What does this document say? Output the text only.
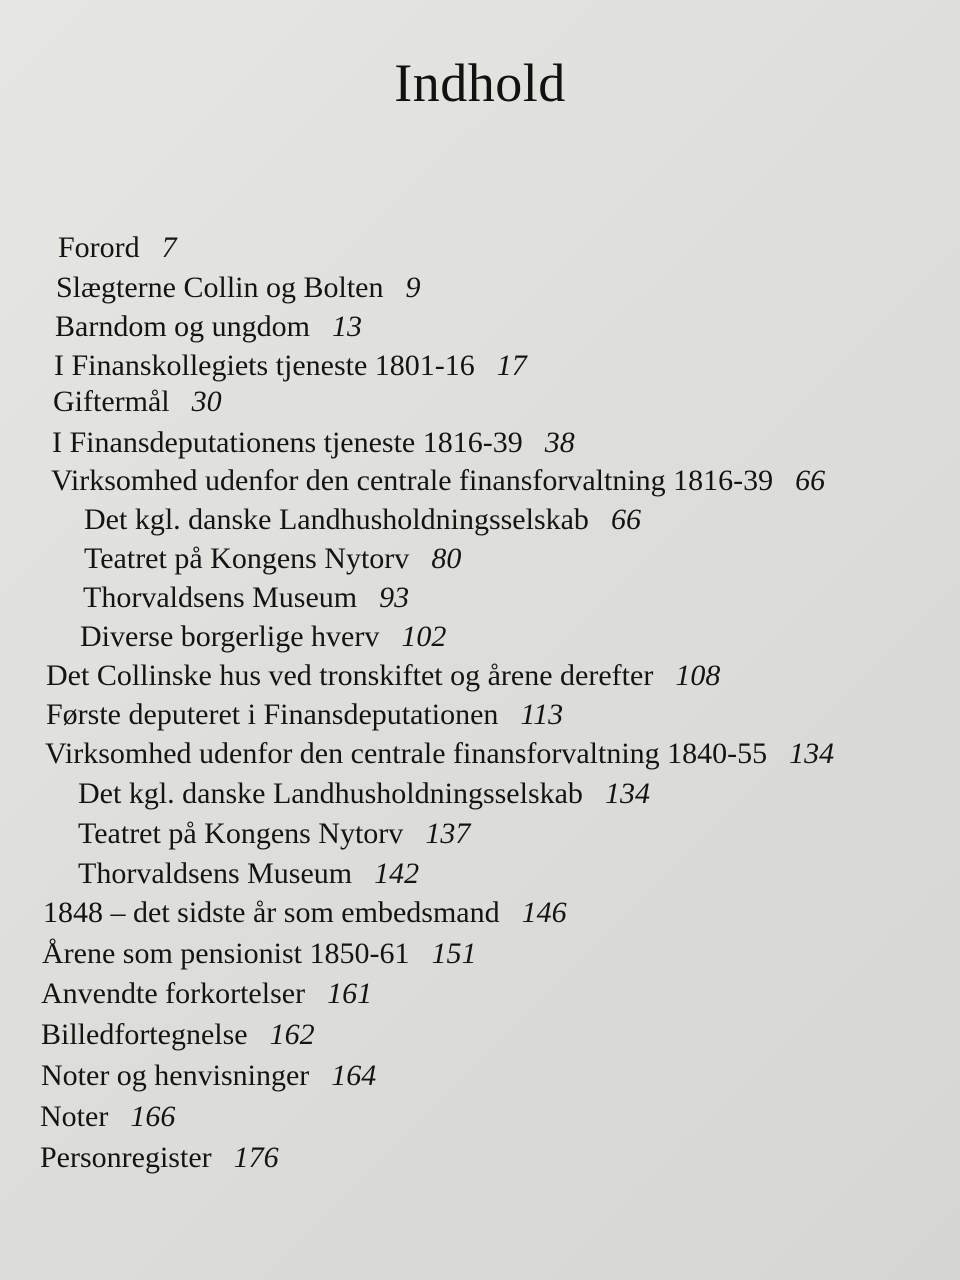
Indhold
Forord 7
Slægterne Collin og Bolten 9
Barndom og ungdom 13
I Finanskollegiets tjeneste 1801-16 17
Giftermål 30
I Finansdeputationens tjeneste 1816-39 38
Virksomhed udenfor den centrale finansforvaltning 1816-39 66
Det kgl. danske Landhusholdningsselskab 66
Teatret på Kongens Nytorv 80
Thorvaldsens Museum 93
Diverse borgerlige hverv 102
Det Collinske hus ved tronskiftet og årene derefter 108
Første deputeret i Finansdeputationen 113
Virksomhed udenfor den centrale finansforvaltning 1840-55 134
Det kgl. danske Landhusholdningsselskab 134
Teatret på Kongens Nytorv 137
Thorvaldsens Museum 142
1848 – det sidste år som embedsmand 146
Årene som pensionist 1850-61 151
Anvendte forkortelser 161
Billedfortegnelse 162
Noter og henvisninger 164
Noter 166
Personregister 176
